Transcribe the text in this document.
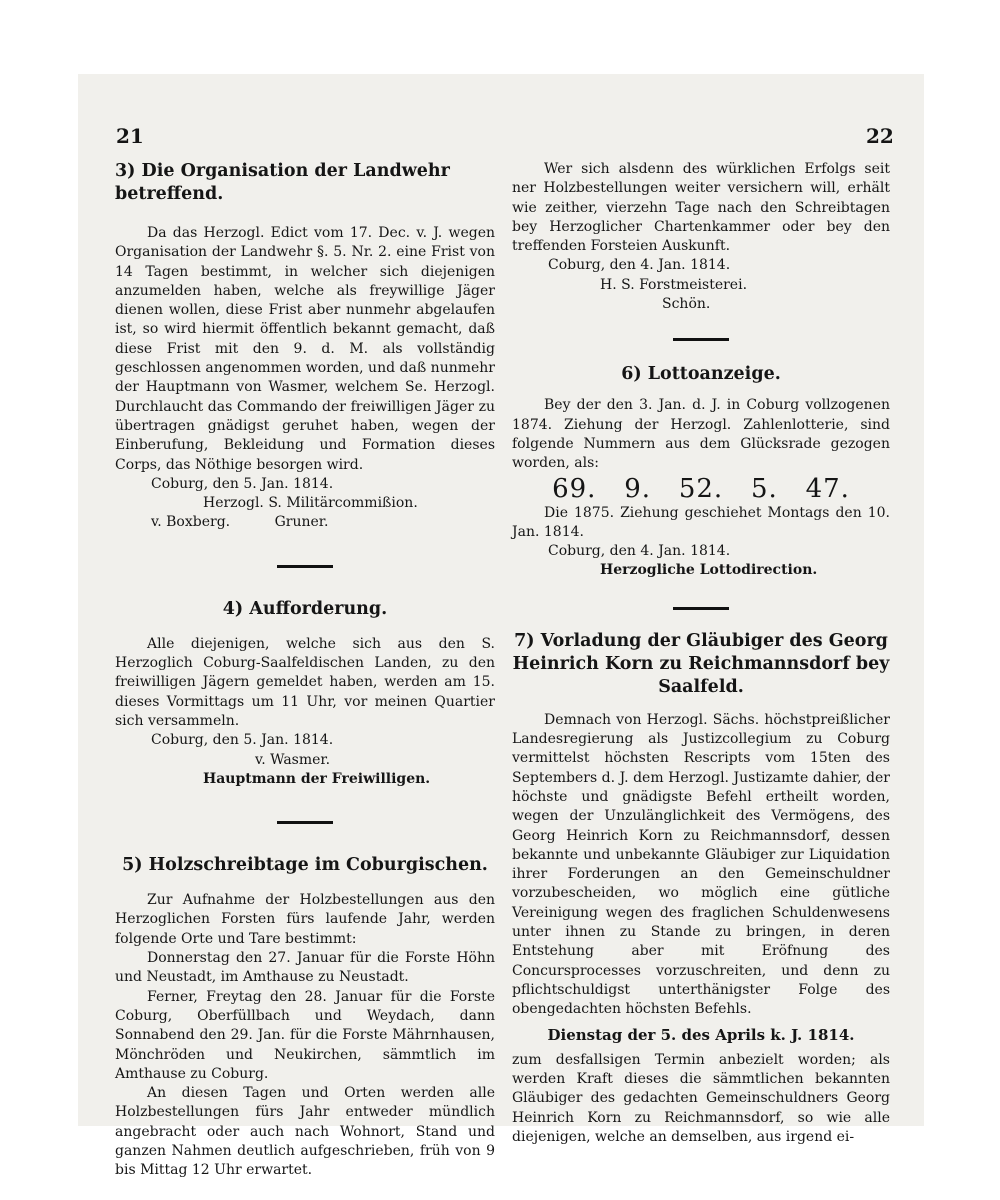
21	22
3) Die Organisation der Landwehr betreffend.

Da das Herzogl. Edict vom 17. Dec. v. J. wegen Organisation der Landwehr §. 5. Nr. 2. eine Frist von 14 Tagen bestimmt, in welcher sich diejenigen anzumelden haben, welche als freywillige Jäger dienen wollen, diese Frist aber nunmehr abgelaufen ist, so wird hiermit öffentlich bekannt gemacht, daß diese Frist mit den 9. d. M. als vollständig geschlossen angenommen worden, und daß nunmehr der Hauptmann von Wasmer, welchem Se. Herzogl. Durchlaucht das Commando der freiwilligen Jäger zu übertragen gnädigst geruhet haben, wegen der Einberufung, Bekleidung und Formation dieses Corps, das Nöthige besorgen wird.

Coburg, den 5. Jan. 1814.
Herzogl. S. Militärcommißion.
v. Boxberg.          Gruner.
4) Aufforderung.

Alle diejenigen, welche sich aus den S. Herzoglich Coburg-Saalfeldischen Landen, zu den freiwilligen Jägern gemeldet haben, werden am 15. dieses Vormittags um 11 Uhr, vor meinen Quartier sich versammeln.

Coburg, den 5. Jan. 1814.
v. Wasmer.
Hauptmann der Freiwilligen.
5) Holzschreibtage im Coburgischen.

Zur Aufnahme der Holzbestellungen aus den Herzoglichen Forsten fürs laufende Jahr, werden folgende Orte und Tare bestimmt:

Donnerstag den 27. Januar für die Forste Höhn und Neustadt, im Amthause zu Neustadt.

Ferner, Freytag den 28. Januar für die Forste Coburg, Oberfüllbach und Weydach, dann Sonnabend den 29. Jan. für die Forste Mährnhausen, Mönchröden und Neukirchen, sämmtlich im Amthause zu Coburg.

An diesen Tagen und Orten werden alle Holzbestellungen fürs Jahr entweder mündlich angebracht oder auch nach Wohnort, Stand und ganzen Nahmen deutlich aufgeschrieben, früh von 9 bis Mittag 12 Uhr erwartet.

Wer sich alsdenn des würklichen Erfolgs seit ner Holzbestellungen weiter versichern will, erhält wie zeither, vierzehn Tage nach den Schreibtagen bey Herzoglicher Chartenkammer oder bey den treffenden Forsteien Auskunft.

Coburg, den 4. Jan. 1814.
H. S. Forstmeisterei.
Schön.
6) Lottoanzeige.

Bey der den 3. Jan. d. J. in Coburg vollzogenen 1874. Ziehung der Herzogl. Zahlenlotterie, sind folgende Nummern aus dem Glücksrade gezogen worden, als:

69.   9.   52.   5.   47.

Die 1875. Ziehung geschiehet Montags den 10. Jan. 1814.

Coburg, den 4. Jan. 1814.
Herzogliche Lottodirection.
7) Vorladung der Gläubiger des Georg Heinrich Korn zu Reichmannsdorf bey Saalfeld.

Demnach von Herzogl. Sächs. höchstpreißlicher Landesregierung als Justizcollegium zu Coburg vermittelst höchsten Rescripts vom 15ten des Septembers d. J. dem Herzogl. Justizamte dahier, der höchste und gnädigste Befehl ertheilt worden, wegen der Unzulänglichkeit des Vermögens, des Georg Heinrich Korn zu Reichmannsdorf, dessen bekannte und unbekannte Gläubiger zur Liquidation ihrer Forderungen an den Gemeinschuldner vorzubescheiden, wo möglich eine gütliche Vereinigung wegen des fraglichen Schuldenwesens unter ihnen zu Stande zu bringen, in deren Entstehung aber mit Eröfnung des Concursprocesses vorzuschreiten, und denn zu pflichtschuldigst unterthänigster Folge des obengedachten höchsten Befehls.

Dienstag der 5. des Aprils k. J. 1814.

zum desfallsigen Termin anbezielt worden; als werden Kraft dieses die sämmtlichen bekannten Gläubiger des gedachten Gemeinschuldners Georg Heinrich Korn zu Reichmannsdorf, so wie alle diejenigen, welche an demselben, aus irgend ei-
